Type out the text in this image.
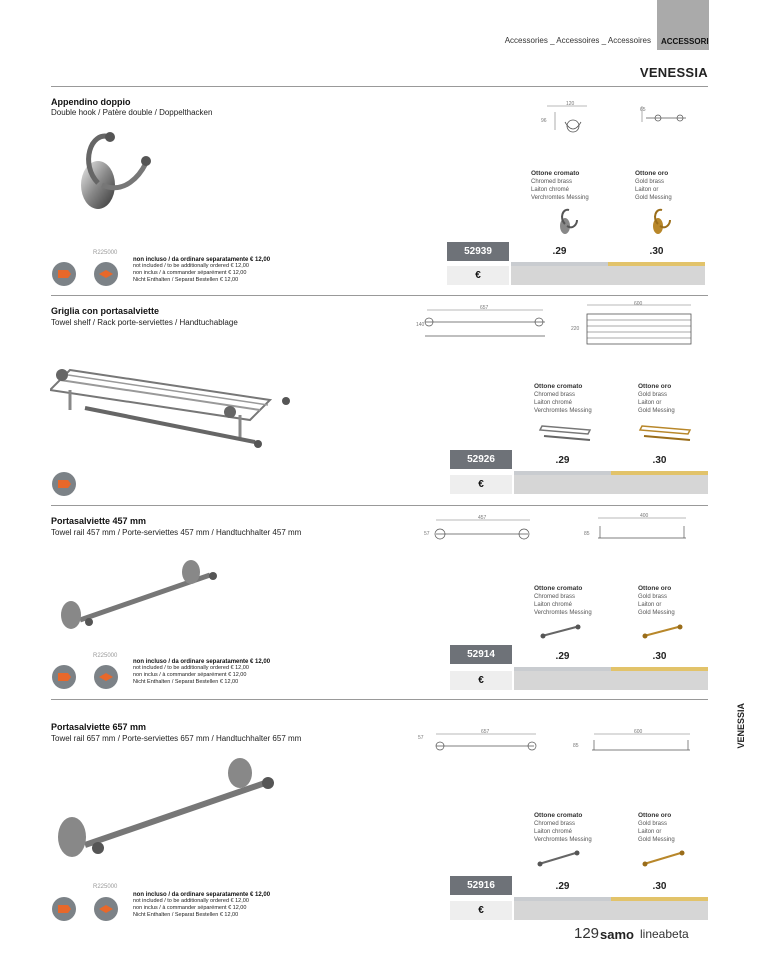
Accessories _ Accessoires _ Accessoires ACCESSORI
VENESSIA
Appendino doppio
Double hook / Patère double / Doppelthacken
120
96
65
Ottone cromato
Chromed brass
Laiton chromé
Verchromtes Messing
Ottone oro
Gold brass
Laiton or
Gold Messing
52939	.29	.30
€
R225000
non incluso / da ordinare separatamente € 12,00
not included / to be additionally ordered € 12,00
non inclus / à commander séparément € 12,00
Nicht Enthalten / Separat Bestellen € 12,00
Griglia con portasalviette
Towel shelf / Rack porte-serviettes / Handtuchablage
657
140
600
220
Ottone cromato
Chromed brass
Laiton chromé
Verchromtes Messing
Ottone oro
Gold brass
Laiton or
Gold Messing
52926	.29	.30
€
Portasalviette 457 mm
Towel rail 457 mm / Porte-serviettes 457 mm / Handtuchhalter 457 mm
457
57
400
85
Ottone cromato
Chromed brass
Laiton chromé
Verchromtes Messing
Ottone oro
Gold brass
Laiton or
Gold Messing
52914	.29	.30
€
R225000
non incluso / da ordinare separatamente € 12,00
not included / to be additionally ordered € 12,00
non inclus / à commander séparément € 12,00
Nicht Enthalten / Separat Bestellen € 12,00
Portasalviette 657 mm
Towel rail 657 mm / Porte-serviettes 657 mm / Handtuchhalter 657 mm
657
57
600
85
Ottone cromato
Chromed brass
Laiton chromé
Verchromtes Messing
Ottone oro
Gold brass
Laiton or
Gold Messing
52916	.29	.30
€
R225000
non incluso / da ordinare separatamente € 12,00
not included / to be additionally ordered € 12,00
non inclus / à commander séparément € 12,00
Nicht Enthalten / Separat Bestellen € 12,00
VENESSIA
129 samo lineabeta
